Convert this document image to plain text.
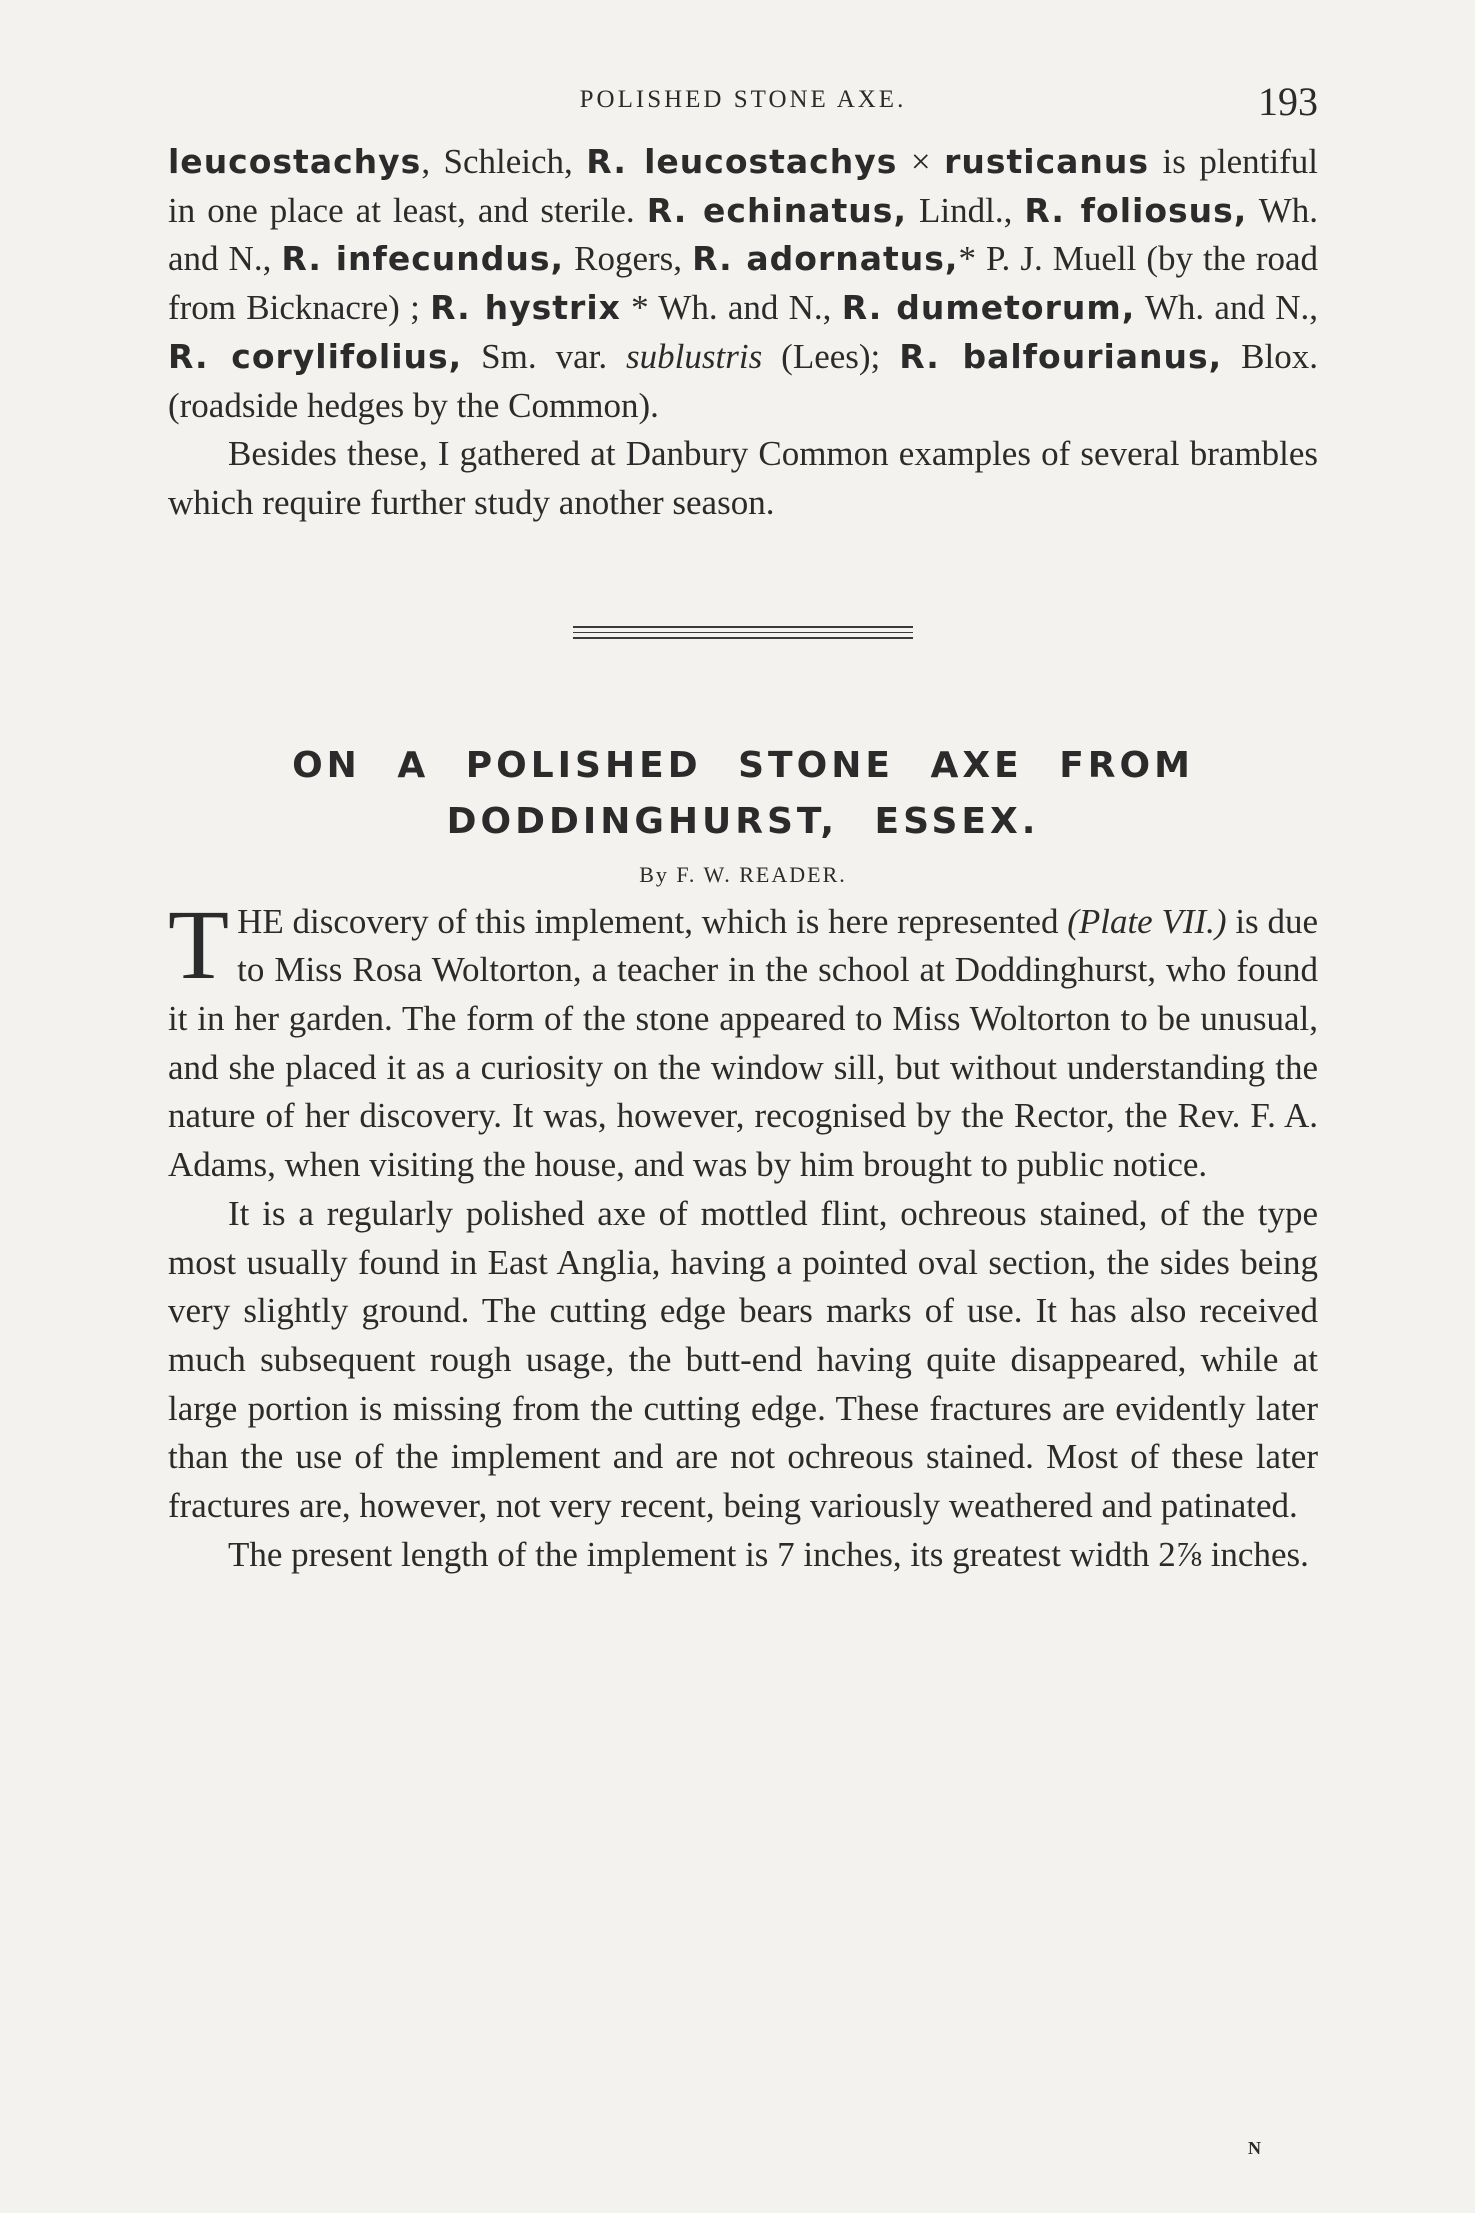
POLISHED STONE AXE.	193

leucostachys, Schleich, R. leucostachys × rusticanus is plentiful in one place at least, and sterile. R. echinatus, Lindl., R. foliosus, Wh. and N., R. infecundus, Rogers, R. adornatus,* P. J. Muell (by the road from Bicknacre) ; R. hystrix * Wh. and N., R. dumetorum, Wh. and N., R. corylifolius, Sm. var. sublustris (Lees); R. balfourianus, Blox. (roadside hedges by the Common).

Besides these, I gathered at Danbury Common examples of several brambles which require further study another season.

ON A POLISHED STONE AXE FROM
DODDINGHURST, ESSEX.
By F. W. READER.

THE discovery of this implement, which is here represented (Plate VII.) is due to Miss Rosa Woltorton, a teacher in the school at Doddinghurst, who found it in her garden. The form of the stone appeared to Miss Woltorton to be unusual, and she placed it as a curiosity on the window sill, but without understanding the nature of her discovery. It was, however, recognised by the Rector, the Rev. F. A. Adams, when visiting the house, and was by him brought to public notice.

It is a regularly polished axe of mottled flint, ochreous stained, of the type most usually found in East Anglia, having a pointed oval section, the sides being very slightly ground. The cutting edge bears marks of use. It has also received much subsequent rough usage, the butt-end having quite disappeared, while at large portion is missing from the cutting edge. These fractures are evidently later than the use of the implement and are not ochreous stained. Most of these later fractures are, however, not very recent, being variously weathered and patinated.

The present length of the implement is 7 inches, its greatest width 2⅞ inches.

N
